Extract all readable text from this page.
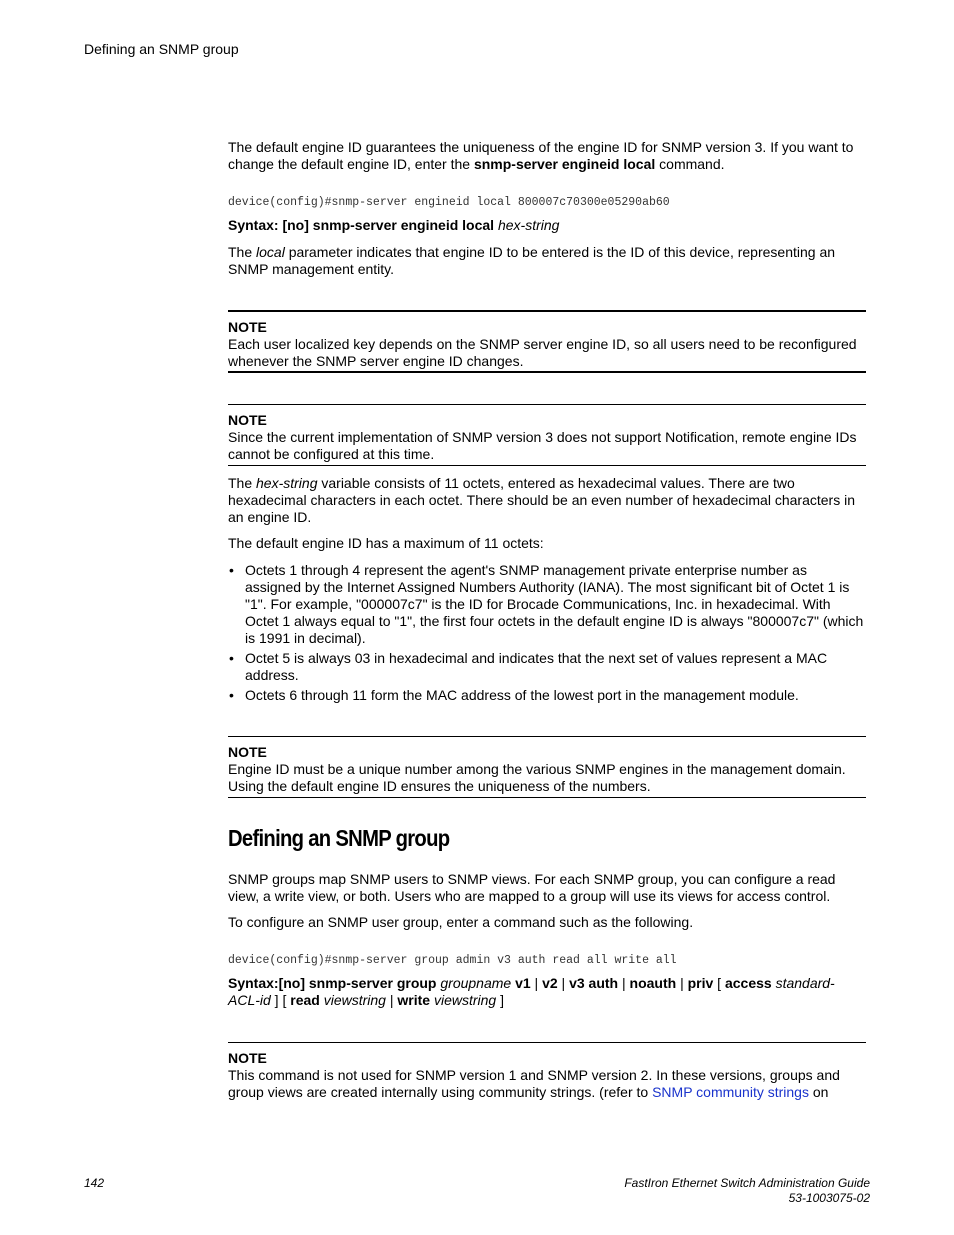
Defining an SNMP group

The default engine ID guarantees the uniqueness of the engine ID for SNMP version 3. If you want to change the default engine ID, enter the snmp-server engineid local command.

device(config)#snmp-server engineid local 800007c70300e05290ab60

Syntax: [no] snmp-server engineid local hex-string

The local parameter indicates that engine ID to be entered is the ID of this device, representing an SNMP management entity.

NOTE
Each user localized key depends on the SNMP server engine ID, so all users need to be reconfigured whenever the SNMP server engine ID changes.
NOTE
Since the current implementation of SNMP version 3 does not support Notification, remote engine IDs cannot be configured at this time.

The hex-string variable consists of 11 octets, entered as hexadecimal values. There are two hexadecimal characters in each octet. There should be an even number of hexadecimal characters in an engine ID.

The default engine ID has a maximum of 11 octets:

• Octets 1 through 4 represent the agent's SNMP management private enterprise number as assigned by the Internet Assigned Numbers Authority (IANA). The most significant bit of Octet 1 is "1". For example, "000007c7" is the ID for Brocade Communications, Inc. in hexadecimal. With Octet 1 always equal to "1", the first four octets in the default engine ID is always "800007c7" (which is 1991 in decimal).
• Octet 5 is always 03 in hexadecimal and indicates that the next set of values represent a MAC address.
• Octets 6 through 11 form the MAC address of the lowest port in the management module.
NOTE
Engine ID must be a unique number among the various SNMP engines in the management domain. Using the default engine ID ensures the uniqueness of the numbers.
Defining an SNMP group

SNMP groups map SNMP users to SNMP views. For each SNMP group, you can configure a read view, a write view, or both. Users who are mapped to a group will use its views for access control.

To configure an SNMP user group, enter a command such as the following.

device(config)#snmp-server group admin v3 auth read all write all

Syntax:[no] snmp-server group groupname v1 | v2 | v3 auth | noauth | priv [ access standard-ACL-id ] [ read viewstring | write viewstring ]

NOTE
This command is not used for SNMP version 1 and SNMP version 2. In these versions, groups and group views are created internally using community strings. (refer to SNMP community strings on
142	FastIron Ethernet Switch Administration Guide
53-1003075-02
